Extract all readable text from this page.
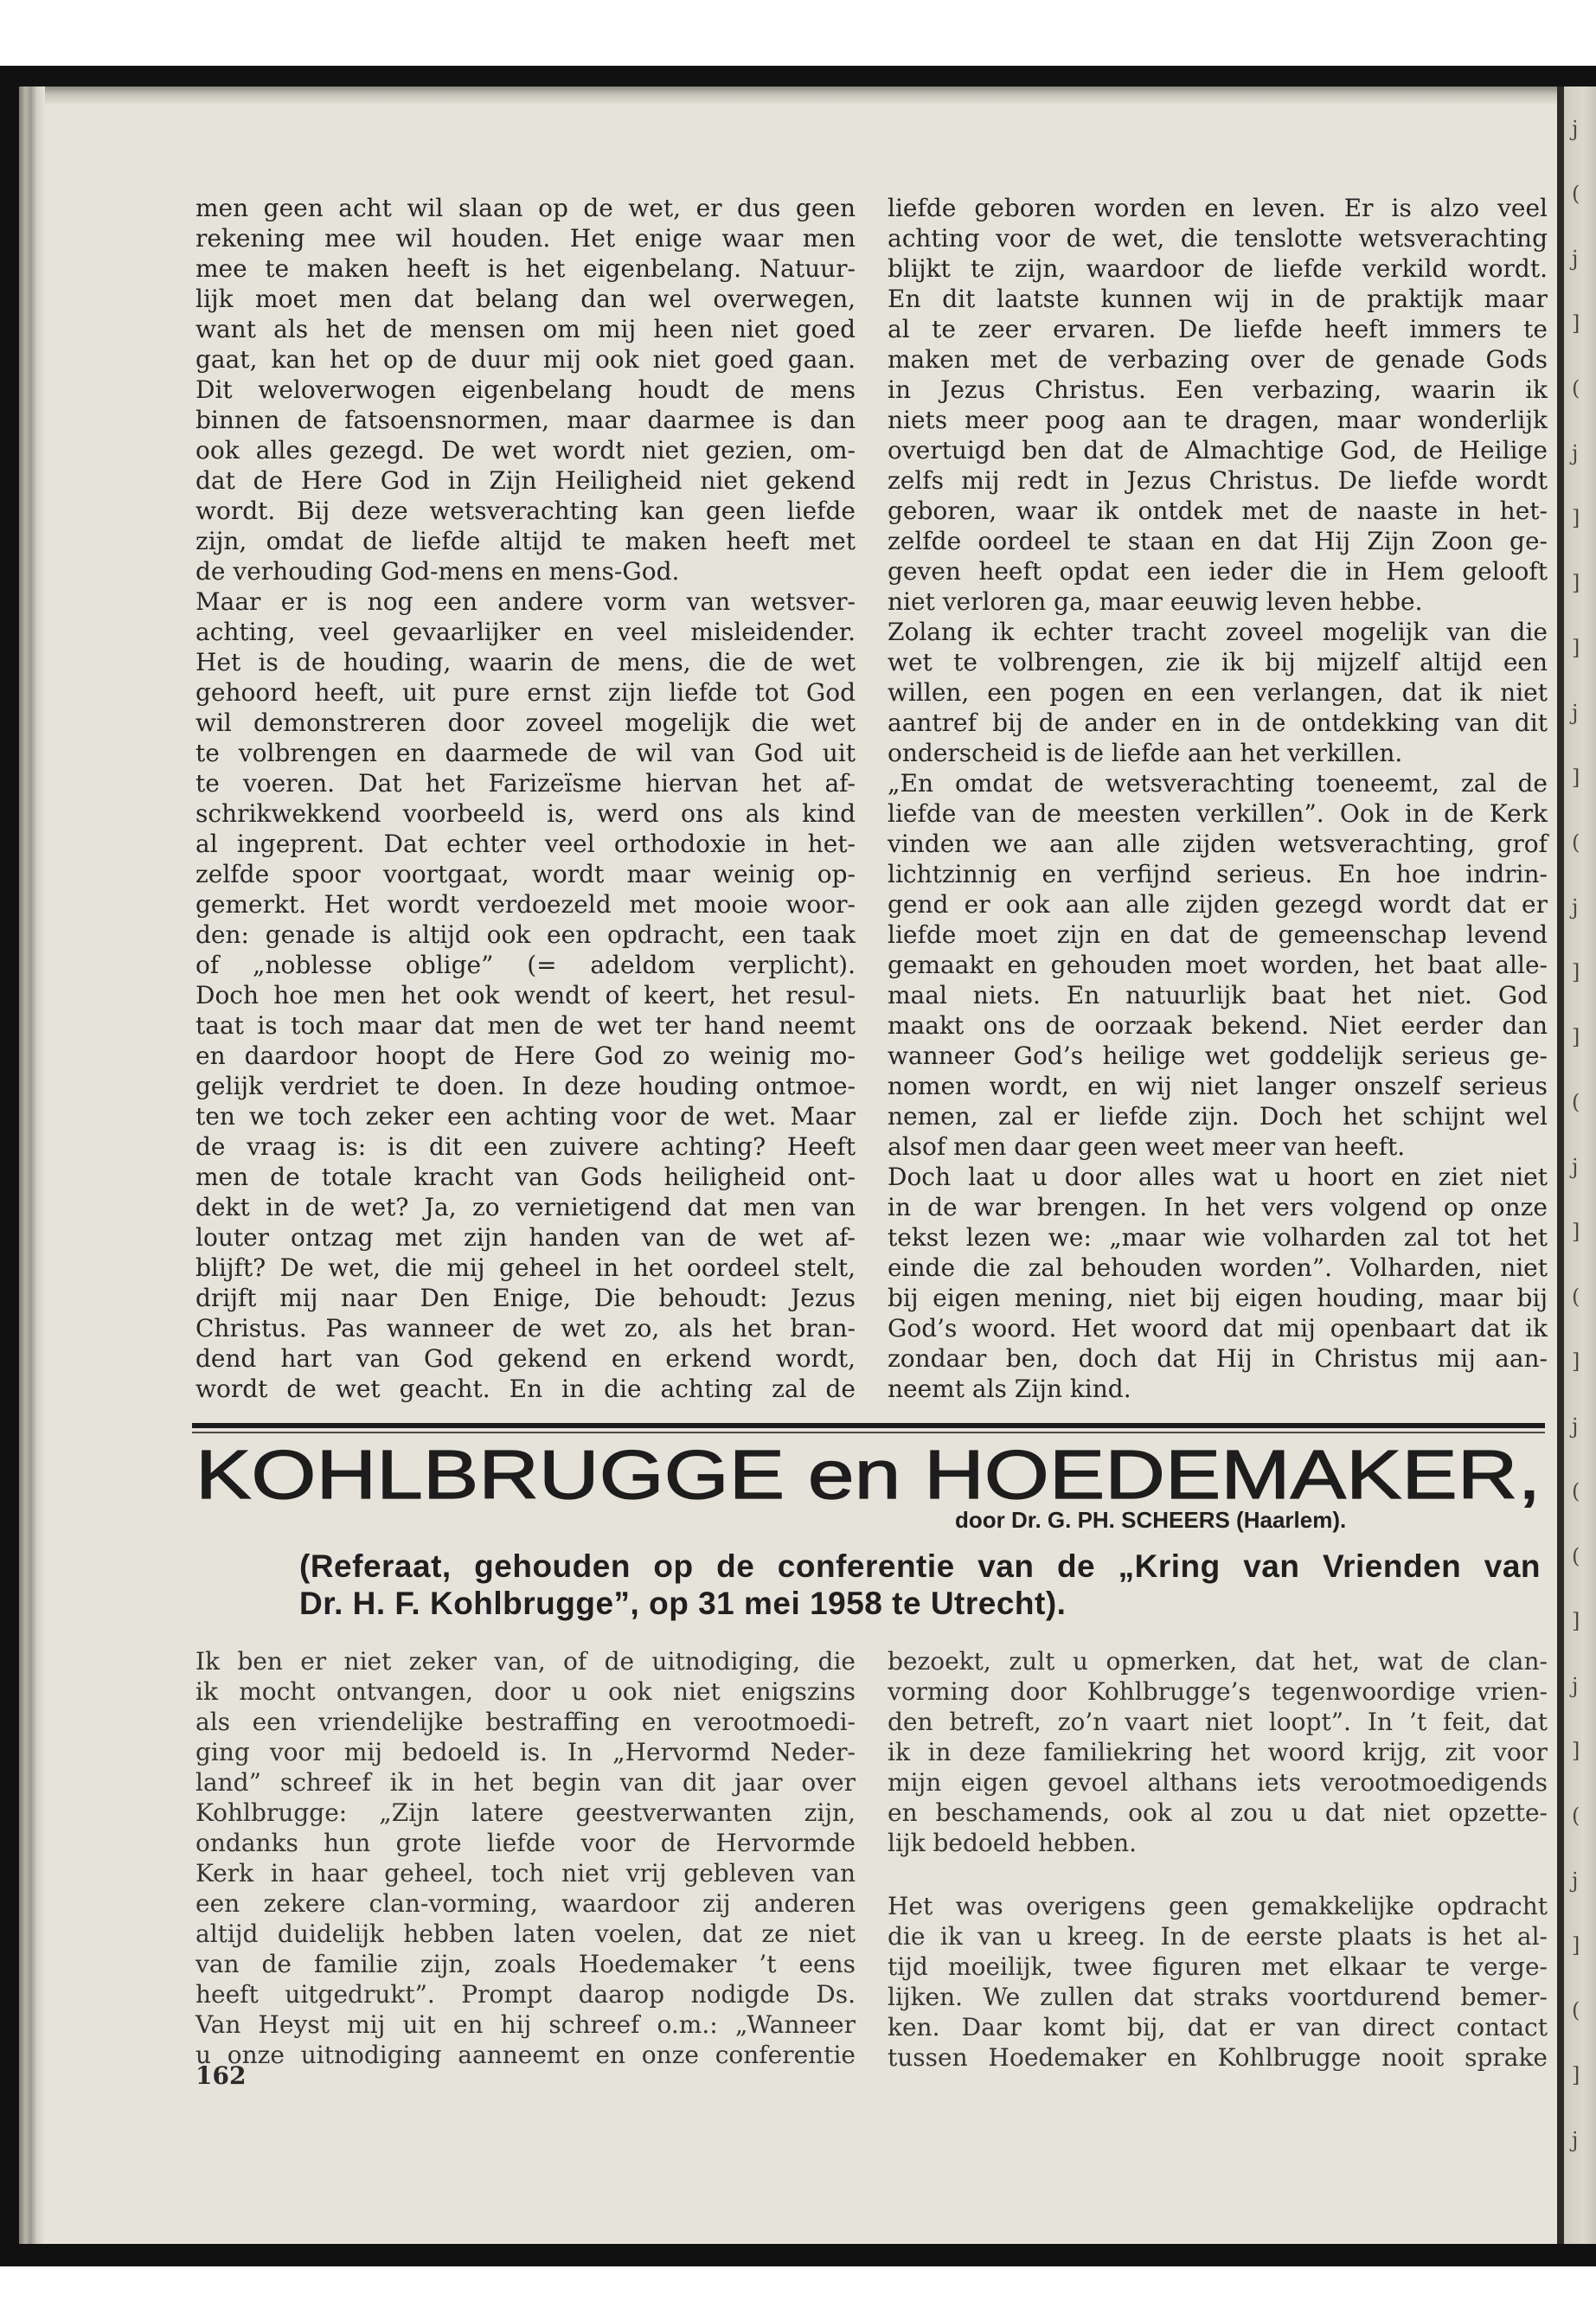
j
(
j
]
(
j
]
]
]
j
]
(
j
]
]
(
j
]
(
]
j
(
(
]
j
]
(
j
]
(
]
j
men geen acht wil slaan op de wet, er dus geen
rekening mee wil houden. Het enige waar men
mee te maken heeft is het eigenbelang. Natuur-
lijk moet men dat belang dan wel overwegen,
want als het de mensen om mij heen niet goed
gaat, kan het op de duur mij ook niet goed gaan.
Dit weloverwogen eigenbelang houdt de mens
binnen de fatsoensnormen, maar daarmee is dan
ook alles gezegd. De wet wordt niet gezien, om-
dat de Here God in Zijn Heiligheid niet gekend
wordt. Bij deze wetsverachting kan geen liefde
zijn, omdat de liefde altijd te maken heeft met
de verhouding God-mens en mens-God.
Maar er is nog een andere vorm van wetsver-
achting, veel gevaarlijker en veel misleidender.
Het is de houding, waarin de mens, die de wet
gehoord heeft, uit pure ernst zijn liefde tot God
wil demonstreren door zoveel mogelijk die wet
te volbrengen en daarmede de wil van God uit
te voeren. Dat het Farizeïsme hiervan het af-
schrikwekkend voorbeeld is, werd ons als kind
al ingeprent. Dat echter veel orthodoxie in het-
zelfde spoor voortgaat, wordt maar weinig op-
gemerkt. Het wordt verdoezeld met mooie woor-
den: genade is altijd ook een opdracht, een taak
of „noblesse oblige” (= adeldom verplicht).
Doch hoe men het ook wendt of keert, het resul-
taat is toch maar dat men de wet ter hand neemt
en daardoor hoopt de Here God zo weinig mo-
gelijk verdriet te doen. In deze houding ontmoe-
ten we toch zeker een achting voor de wet. Maar
de vraag is: is dit een zuivere achting? Heeft
men de totale kracht van Gods heiligheid ont-
dekt in de wet? Ja, zo vernietigend dat men van
louter ontzag met zijn handen van de wet af-
blijft? De wet, die mij geheel in het oordeel stelt,
drijft mij naar Den Enige, Die behoudt: Jezus
Christus. Pas wanneer de wet zo, als het bran-
dend hart van God gekend en erkend wordt,
wordt de wet geacht. En in die achting zal de
liefde geboren worden en leven. Er is alzo veel
achting voor de wet, die tenslotte wetsverachting
blijkt te zijn, waardoor de liefde verkild wordt.
En dit laatste kunnen wij in de praktijk maar
al te zeer ervaren. De liefde heeft immers te
maken met de verbazing over de genade Gods
in Jezus Christus. Een verbazing, waarin ik
niets meer poog aan te dragen, maar wonderlijk
overtuigd ben dat de Almachtige God, de Heilige
zelfs mij redt in Jezus Christus. De liefde wordt
geboren, waar ik ontdek met de naaste in het-
zelfde oordeel te staan en dat Hij Zijn Zoon ge-
geven heeft opdat een ieder die in Hem gelooft
niet verloren ga, maar eeuwig leven hebbe.
Zolang ik echter tracht zoveel mogelijk van die
wet te volbrengen, zie ik bij mijzelf altijd een
willen, een pogen en een verlangen, dat ik niet
aantref bij de ander en in de ontdekking van dit
onderscheid is de liefde aan het verkillen.
„En omdat de wetsverachting toeneemt, zal de
liefde van de meesten verkillen”. Ook in de Kerk
vinden we aan alle zijden wetsverachting, grof
lichtzinnig en verfijnd serieus. En hoe indrin-
gend er ook aan alle zijden gezegd wordt dat er
liefde moet zijn en dat de gemeenschap levend
gemaakt en gehouden moet worden, het baat alle-
maal niets. En natuurlijk baat het niet. God
maakt ons de oorzaak bekend. Niet eerder dan
wanneer God’s heilige wet goddelijk serieus ge-
nomen wordt, en wij niet langer onszelf serieus
nemen, zal er liefde zijn. Doch het schijnt wel
alsof men daar geen weet meer van heeft.
Doch laat u door alles wat u hoort en ziet niet
in de war brengen. In het vers volgend op onze
tekst lezen we: „maar wie volharden zal tot het
einde die zal behouden worden”. Volharden, niet
bij eigen mening, niet bij eigen houding, maar bij
God’s woord. Het woord dat mij openbaart dat ik
zondaar ben, doch dat Hij in Christus mij aan-
neemt als Zijn kind.
KOHLBRUGGE en HOEDEMAKER,
door Dr. G. PH. SCHEERS (Haarlem).
(Referaat, gehouden op de conferentie van de „Kring van Vrienden van
Dr. H. F. Kohlbrugge”, op 31 mei 1958 te Utrecht).
Ik ben er niet zeker van, of de uitnodiging, die
ik mocht ontvangen, door u ook niet enigszins
als een vriendelijke bestraffing en verootmoedi-
ging voor mij bedoeld is. In „Hervormd Neder-
land” schreef ik in het begin van dit jaar over
Kohlbrugge: „Zijn latere geestverwanten zijn,
ondanks hun grote liefde voor de Hervormde
Kerk in haar geheel, toch niet vrij gebleven van
een zekere clan-vorming, waardoor zij anderen
altijd duidelijk hebben laten voelen, dat ze niet
van de familie zijn, zoals Hoedemaker ’t eens
heeft uitgedrukt”. Prompt daarop nodigde Ds.
Van Heyst mij uit en hij schreef o.m.: „Wanneer
u onze uitnodiging aanneemt en onze conferentie
bezoekt, zult u opmerken, dat het, wat de clan-
vorming door Kohlbrugge’s tegenwoordige vrien-
den betreft, zo’n vaart niet loopt”. In ’t feit, dat
ik in deze familiekring het woord krijg, zit voor
mijn eigen gevoel althans iets verootmoedigends
en beschamends, ook al zou u dat niet opzette-
lijk bedoeld hebben.
Het was overigens geen gemakkelijke opdracht
die ik van u kreeg. In de eerste plaats is het al-
tijd moeilijk, twee figuren met elkaar te verge-
lijken. We zullen dat straks voortdurend bemer-
ken. Daar komt bij, dat er van direct contact
tussen Hoedemaker en Kohlbrugge nooit sprake
162
